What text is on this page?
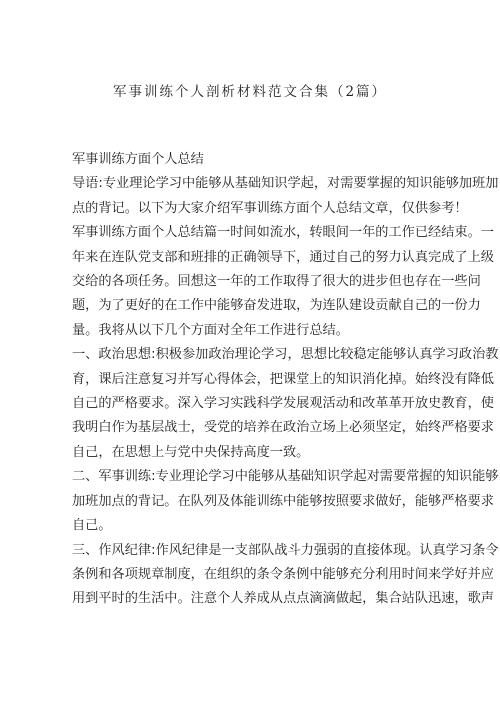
军事训练个人剖析材料范文合集（2篇）

军事训练方面个人总结
导语:专业理论学习中能够从基础知识学起，对需要掌握的知识能够加班加
点的背记。以下为大家介绍军事训练方面个人总结文章，仅供参考！
军事训练方面个人总结篇一时间如流水，转眼间一年的工作已经结束。一
年来在连队党支部和班排的正确领导下，通过自己的努力认真完成了上级
交给的各项任务。回想这一年的工作取得了很大的进步但也存在一些问
题，为了更好的在工作中能够奋发进取，为连队建设贡献自己的一份力
量。我将从以下几个方面对全年工作进行总结。
一、政治思想:积极参加政治理论学习，思想比较稳定能够认真学习政治教
育，课后注意复习并写心得体会，把课堂上的知识消化掉。始终没有降低
自己的严格要求。深入学习实践科学发展观活动和改革革开放史教育，使
我明白作为基层战士，受党的培养在政治立场上必须坚定，始终严格要求
自己，在思想上与党中央保持高度一致。
二、军事训练:专业理论学习中能够从基础知识学起对需要常握的知识能够
加班加点的背记。在队列及体能训练中能够按照要求做好，能够严格要求
自己。
三、作风纪律:作风纪律是一支部队战斗力强弱的直接体现。认真学习条令
条例和各项规章制度，在组织的条令条例中能够充分利用时间来学好并应
用到平时的生活中。注意个人养成从点点滴滴做起，集合站队迅速，歌声
